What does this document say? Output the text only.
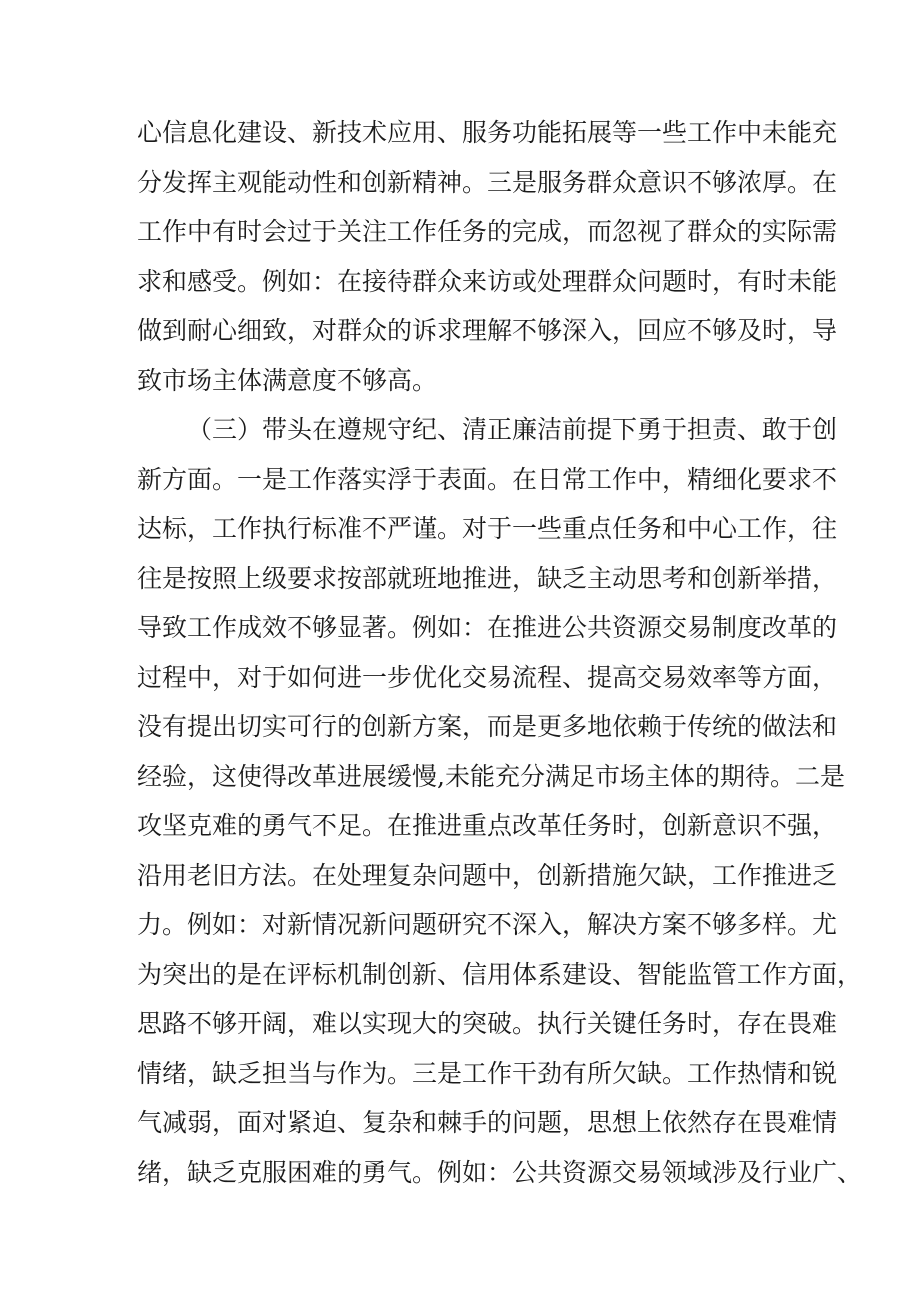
心信息化建设、新技术应用、服务功能拓展等一些工作中未能充
分发挥主观能动性和创新精神。三是服务群众意识不够浓厚。在
工作中有时会过于关注工作任务的完成，而忽视了群众的实际需
求和感受。例如：在接待群众来访或处理群众问题时，有时未能
做到耐心细致，对群众的诉求理解不够深入，回应不够及时，导
致市场主体满意度不够高。
（三）带头在遵规守纪、清正廉洁前提下勇于担责、敢于创
新方面。一是工作落实浮于表面。在日常工作中，精细化要求不
达标，工作执行标准不严谨。对于一些重点任务和中心工作，往
往是按照上级要求按部就班地推进，缺乏主动思考和创新举措，
导致工作成效不够显著。例如：在推进公共资源交易制度改革的
过程中，对于如何进一步优化交易流程、提高交易效率等方面，
没有提出切实可行的创新方案，而是更多地依赖于传统的做法和
经验，这使得改革进展缓慢,未能充分满足市场主体的期待。二是
攻坚克难的勇气不足。在推进重点改革任务时，创新意识不强，
沿用老旧方法。在处理复杂问题中，创新措施欠缺，工作推进乏
力。例如：对新情况新问题研究不深入，解决方案不够多样。尤
为突出的是在评标机制创新、信用体系建设、智能监管工作方面，
思路不够开阔，难以实现大的突破。执行关键任务时，存在畏难
情绪，缺乏担当与作为。三是工作干劲有所欠缺。工作热情和锐
气减弱，面对紧迫、复杂和棘手的问题，思想上依然存在畏难情
绪，缺乏克服困难的勇气。例如：公共资源交易领域涉及行业广、
